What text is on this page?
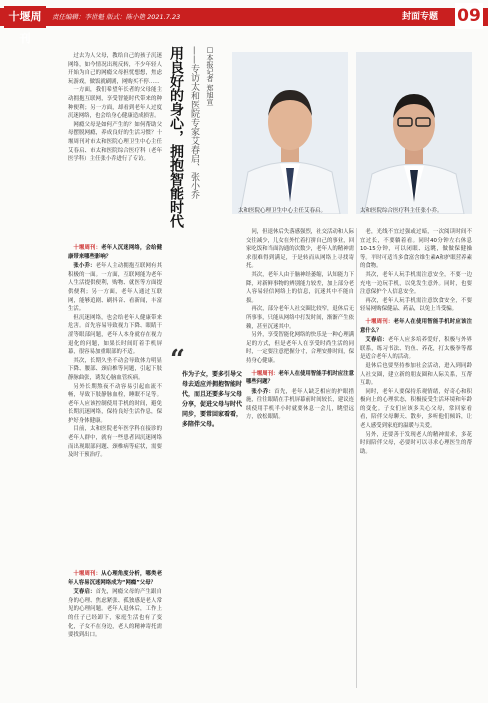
十堰周刊
责任编辑：李世魁 版式：陈小艳 2021.7.23	封面专题 09
用良好的身心，拥抱智能时代 ——专访太和医院专家艾春启、张小乔	□本报记者 郑旭宣
太和医院心理卫生中心主任艾春启。	太和医院综合医疗科主任张小乔。

过去为人父母，教给自己的孩子沉迷网络，如今情况出现反转，不少年轻人开始为自己的网瘾父母担忧想想，焦虑玩游戏，做饭就刷剧，网购买不停……

一方面，我们希望年长者的父母能主动拥抱互联网，享受智能时代带来的种种便利；另一方面，却看到老年人过度沉迷网络，也会给身心健康造成损害。

网瘾父母是如何产生的？如何帮助父母摆脱网瘾，养成良好的生活习惯？十堰周刊对市太和医院心理卫生中心主任艾春启、市太和医院综合医疗科（老年医学科）主任张小乔进行了专访。

十堰周刊：老年人沉迷网络，会给健康带来哪些影响？

张小乔：老年人主动拥抱互联网有其积极的一面。一方面，互联网能为老年人生活提供便利，购物、就医等方面提供便利；另一方面，老年人通过互联网，能够追剧、刷抖音、看新闻，丰富生活。

但沉迷网络，也会给老年人健康带来危害。首先容易导致视力下降、眼睛干涩等眼部问题，老年人本身就存在视力退化的问题，如果长时间盯着手机屏幕，很容易加重眼部的不适。

其次，长期久坐不动会导致体力明显下降、腰部、颈肩椎等问题，引起下肢静脉曲张，诱发心脑血管疾病。

另外长期熬夜不动容易引起血流不畅，导致下肢静脉血栓，睡眠不足等。老年人应该控制使用手机的时间，避免长期沉迷网络，保持良好生活作息，保护好身体健康。

目前，太和医院老年医学科在接诊的老年人群中，就有一些患者因沉迷网络而出现眼部问题、颈椎病等症状，需要及时干预治疗。

十堰周刊：从心理角度分析，哪类老年人容易沉迷网络成为“网瘾”父母？

艾春启：首先，网瘾父母的产生跟自身的心理、焦虑紧张、孤独感是老人常见的心理问题。老年人退休后，工作上的任子已经卸下，家庭生活也有了变化，子女不在身边，老人的精神寄托需要找到出口。

“
作为子女，要多引导父母去适应并拥抱智能时代，而且还要多与父母分享，促进父母与时代同步，要常回家看看，多陪伴父母。

问，但退休后失落感强烈，社交活动和人际交往减少，儿女在外忙着打拼自己的事业，回家吃饭和当面沟通的次数少，老年人的精神需求很难得到满足，于是转而从网络上寻找寄托。

其次，老年人由于脑神经萎缩，认知能力下降，对新鲜事物的辨别能力较差，加上部分老人容易轻信网络上的信息，沉迷其中不能自拔。

再次，部分老年人社交圈比较窄，退休后无所事事，只能从网络中打发时间，渐渐产生依赖，甚至沉迷其中。

另外，享受智能化网络的快乐是一种心理满足的方式，但是老年人在享受时尚生活的同时，一定要注意把握分寸，合理安排时间，保持身心健康。

十堰周刊：老年人在使用智能手机时应注意哪些问题？

张小乔：首先，老年人缺乏相应的护眼措施，往往眼睛在手机屏幕前时间较长，建议连续使用手机半小时就要休息一会儿，眺望远方，放松眼睛。

老，光线不宜过强或过暗，一次阅读时间不宜过长，不要躺着看。同时40分钟左右休息10-15分钟，可以闭眼、远眺，做做保健操等。平时可适当多食富含维生素A和护眼营养素的食物。

其次，老年人玩手机需注意安全，不要一边充电一边玩手机，以免发生意外。同时，也要注意保护个人信息安全。

再次，老年人玩手机需注意饮食安全，不要轻易网购保健品、药品，以免上当受骗。

十堰周刊：老年人在使用智能手机时应该注意什么？

艾春启：老年人应多培养爱好，积极与外界联系，练习书法、钓鱼、养花，打太极拳等都是适合老年人的活动。

退休后也要坚持参加社会活动，进入到同龄人社交圈，建立新的朋友圈和人际关系，互帮互助。

同时，老年人要保持乐观情绪，好奇心和积极向上的心理状态，积极接受生活环境和年龄的变化。子女们应该多关心父母，常回家看看，陪伴父母聊天、散步，多听他们倾诉，让老人感受到家庭的温暖与关爱。

另外，还要善于发现老人的精神需求，多花时间陪伴父母，必要时可以寻求心理医生的帮助。
